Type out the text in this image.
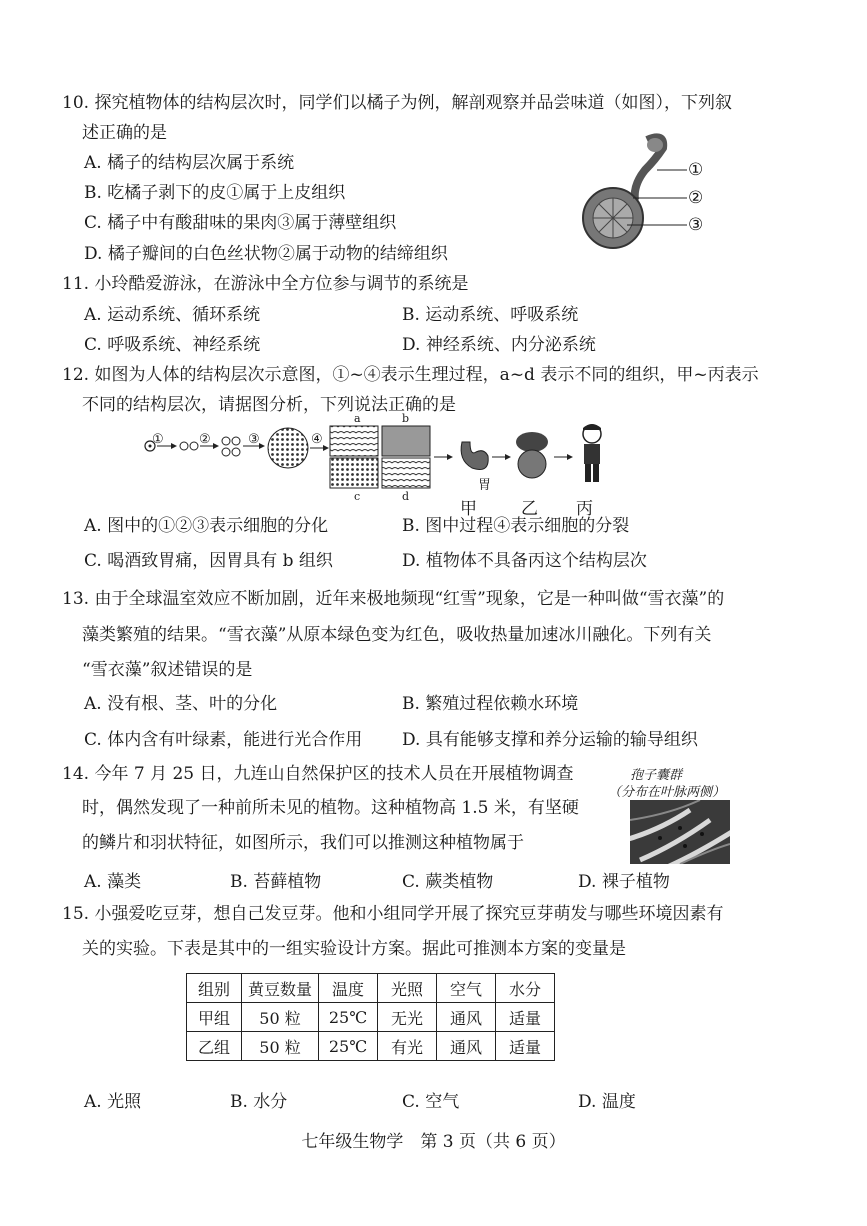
10. 探究植物体的结构层次时，同学们以橘子为例，解剖观察并品尝味道（如图），下列叙
述正确的是
A. 橘子的结构层次属于系统
B. 吃橘子剥下的皮①属于上皮组织
C. 橘子中有酸甜味的果肉③属于薄壁组织
D. 橘子瓣间的白色丝状物②属于动物的结缔组织
①
②
③
11. 小玲酷爱游泳，在游泳中全方位参与调节的系统是
A. 运动系统、循环系统	B. 运动系统、呼吸系统
C. 呼吸系统、神经系统	D. 神经系统、内分泌系统
12. 如图为人体的结构层次示意图，①~④表示生理过程，a~d 表示不同的组织，甲~丙表示
不同的结构层次，请据图分析，下列说法正确的是
①	②	③	④
a	b
c	d
胃
甲	乙 丙
A. 图中的①②③表示细胞的分化	B. 图中过程④表示细胞的分裂
C. 喝酒致胃痛，因胃具有 b 组织	D. 植物体不具备丙这个结构层次
13. 由于全球温室效应不断加剧，近年来极地频现“红雪”现象，它是一种叫做“雪衣藻”的
藻类繁殖的结果。“雪衣藻”从原本绿色变为红色，吸收热量加速冰川融化。下列有关
“雪衣藻”叙述错误的是
A. 没有根、茎、叶的分化	B. 繁殖过程依赖水环境
C. 体内含有叶绿素，能进行光合作用 D. 具有能够支撑和养分运输的输导组织
14. 今年 7 月 25 日，九连山自然保护区的技术人员在开展植物调查
时，偶然发现了一种前所未见的植物。这种植物高 1.5 米，有坚硬
的鳞片和羽状特征，如图所示，我们可以推测这种植物属于
孢子囊群
（分布在叶脉两侧）
A. 藻类	B. 苔藓植物	C. 蕨类植物	D. 裸子植物
15. 小强爱吃豆芽，想自己发豆芽。他和小组同学开展了探究豆芽萌发与哪些环境因素有
关的实验。下表是其中的一组实验设计方案。据此可推测本方案的变量是
组别	黄豆数量	温度	光照	空气	水分
甲组	50 粒	25℃	无光	通风	适量
乙组	50 粒	25℃	有光	通风	适量
A. 光照	B. 水分	C. 空气	D. 温度
七年级生物学　第 3 页（共 6 页）
